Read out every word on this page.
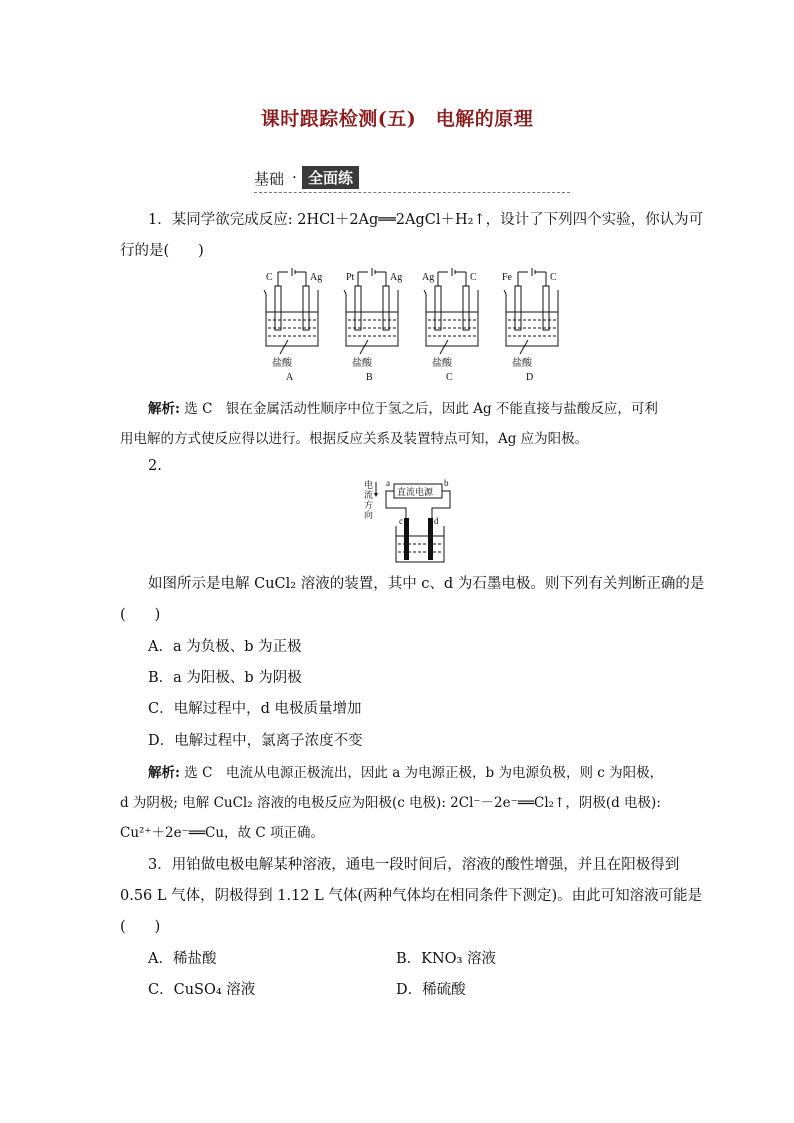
课时跟踪检测(五)　电解的原理
基础 · 全面练
1．某同学欲完成反应: 2HCl＋2Ag══2AgCl＋H₂↑，设计了下列四个实验，你认为可
行的是(　　)
C	Ag
盐酸
A
Pt	Ag
盐酸
B
Ag	C
盐酸
C
Fe	C
盐酸
D
解析: 选 C　银在金属活动性顺序中位于氢之后，因此 Ag 不能直接与盐酸反应，可利
用电解的方式使反应得以进行。根据反应关系及装置特点可知，Ag 应为阳极。
2.
电流方向
a	b
直流电源
c	d
如图所示是电解 CuCl₂ 溶液的装置，其中 c、d 为石墨电极。则下列有关判断正确的是
(　　)
A．a 为负极、b 为正极
B．a 为阳极、b 为阴极
C．电解过程中，d 电极质量增加
D．电解过程中，氯离子浓度不变
解析: 选 C　电流从电源正极流出，因此 a 为电源正极，b 为电源负极，则 c 为阳极，
d 为阴极; 电解 CuCl₂ 溶液的电极反应为阳极(c 电极): 2Cl⁻－2e⁻══Cl₂↑，阴极(d 电极):
Cu²⁺＋2e⁻══Cu，故 C 项正确。
3．用铂做电极电解某种溶液，通电一段时间后，溶液的酸性增强，并且在阳极得到
0.56 L 气体，阴极得到 1.12 L 气体(两种气体均在相同条件下测定)。由此可知溶液可能是
(　　)
A．稀盐酸	B．KNO₃ 溶液
C．CuSO₄ 溶液	D．稀硫酸
